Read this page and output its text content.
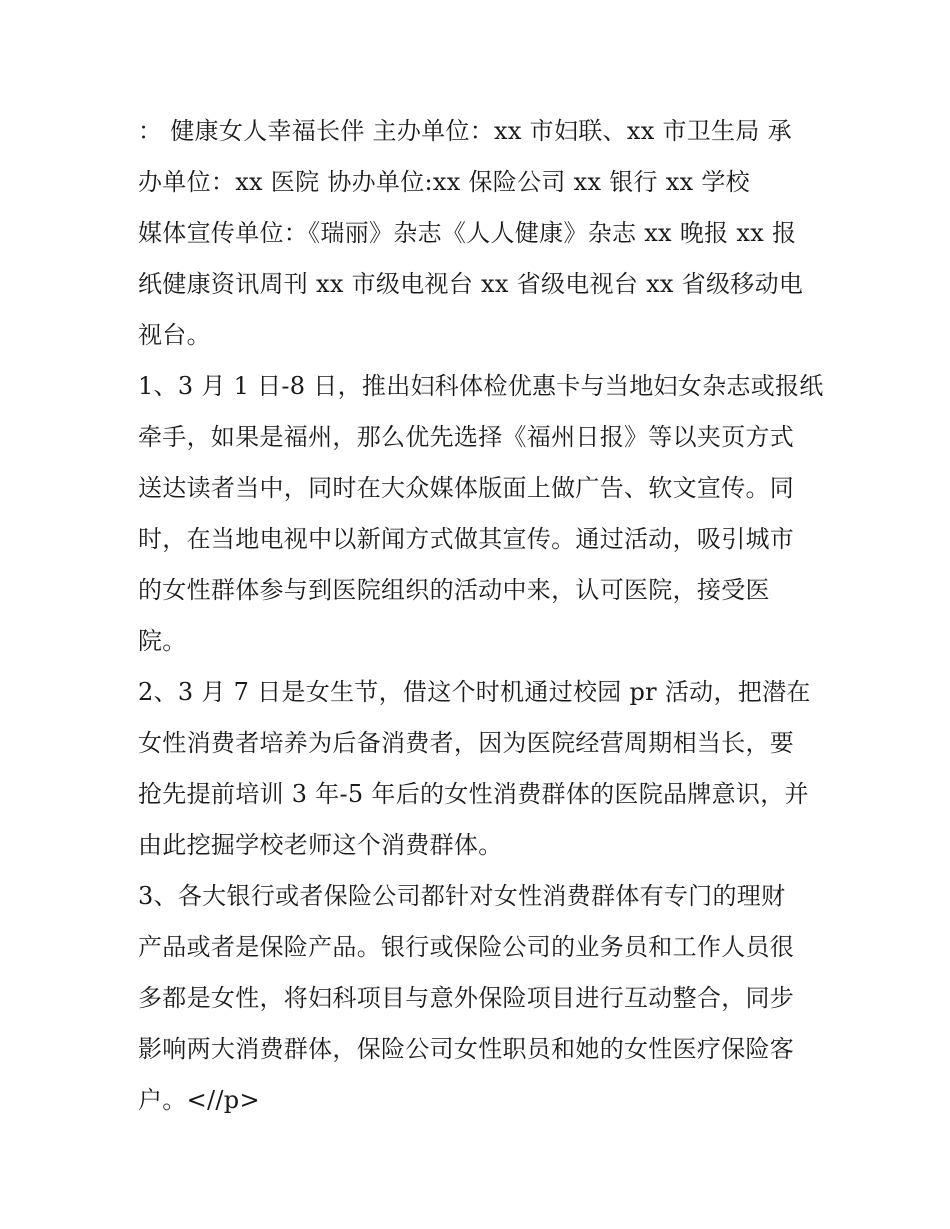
： 健康女人幸福长伴 主办单位：xx 市妇联、xx 市卫生局 承
办单位：xx 医院 协办单位:xx 保险公司 xx 银行 xx 学校
媒体宣传单位：《瑞丽》杂志《人人健康》杂志 xx 晚报 xx 报
纸健康资讯周刊 xx 市级电视台 xx 省级电视台 xx 省级移动电
视台。
1、3 月 1 日-8 日，推出妇科体检优惠卡与当地妇女杂志或报纸
牵手，如果是福州，那么优先选择《福州日报》等以夹页方式
送达读者当中，同时在大众媒体版面上做广告、软文宣传。同
时，在当地电视中以新闻方式做其宣传。通过活动，吸引城市
的女性群体参与到医院组织的活动中来，认可医院，接受医
院。
2、3 月 7 日是女生节，借这个时机通过校园 pr 活动，把潜在
女性消费者培养为后备消费者，因为医院经营周期相当长，要
抢先提前培训 3 年-5 年后的女性消费群体的医院品牌意识，并
由此挖掘学校老师这个消费群体。
3、各大银行或者保险公司都针对女性消费群体有专门的理财
产品或者是保险产品。银行或保险公司的业务员和工作人员很
多都是女性，将妇科项目与意外保险项目进行互动整合，同步
影响两大消费群体，保险公司女性职员和她的女性医疗保险客
户。<//p>
